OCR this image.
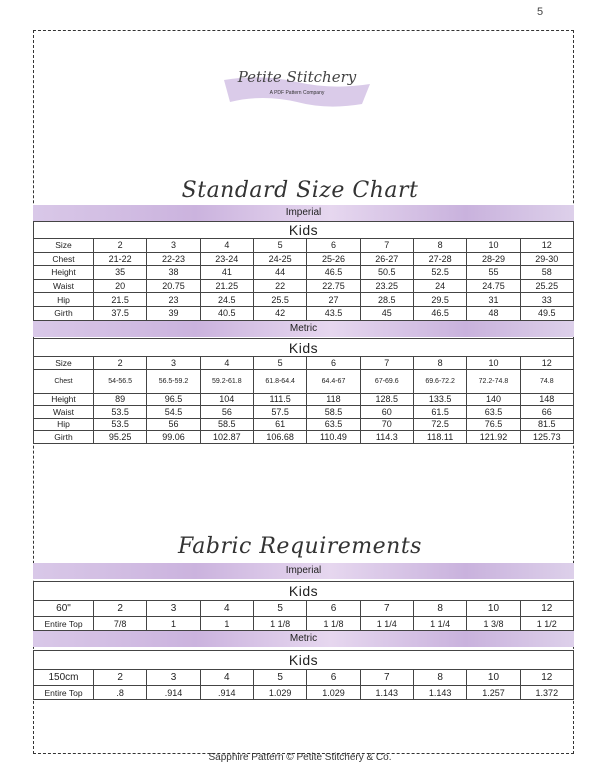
5
Petite Stitchery
A PDF Pattern Company
Standard Size Chart
Imperial
Kids									
Size	2	3	4	5	6	7	8	10	12
Chest	21-22	22-23	23-24	24-25	25-26	26-27	27-28	28-29	29-30
Height	35	38	41	44	46.5	50.5	52.5	55	58
Waist	20	20.75	21.25	22	22.75	23.25	24	24.75	25.25
Hip	21.5	23	24.5	25.5	27	28.5	29.5	31	33
Girth	37.5	39	40.5	42	43.5	45	46.5	48	49.5
Metric
Kids									
Size	2	3	4	5	6	7	8	10	12
Chest	54-56.5	56.5-59.2	59.2-61.8	61.8-64.4	64.4-67	67-69.6	69.6-72.2	72.2-74.8	74.8
Height	89	96.5	104	111.5	118	128.5	133.5	140	148
Waist	53.5	54.5	56	57.5	58.5	60	61.5	63.5	66
Hip	53.5	56	58.5	61	63.5	70	72.5	76.5	81.5
Girth	95.25	99.06	102.87	106.68	110.49	114.3	118.11	121.92	125.73
Fabric Requirements
Imperial
Kids									
60"	2	3	4	5	6	7	8	10	12
Entire Top	7/8	1	1	1 1/8	1 1/8	1 1/4	1 1/4	1 3/8	1 1/2
Metric
Kids									
150cm	2	3	4	5	6	7	8	10	12
Entire Top	.8	.914	.914	1.029	1.029	1.143	1.143	1.257	1.372
Sapphire Pattern © Petite Stitchery & Co.
